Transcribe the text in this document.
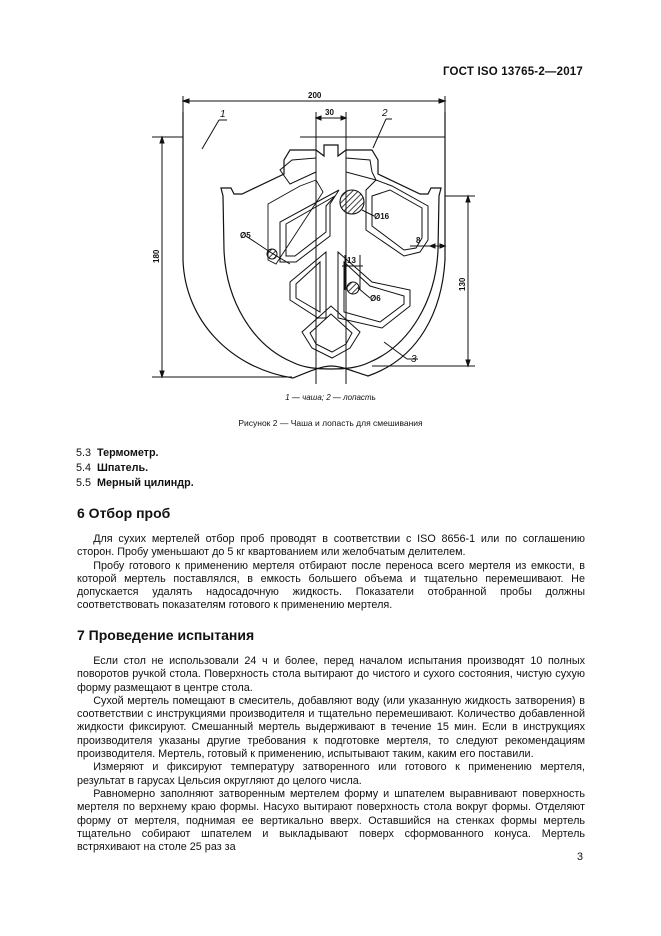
ГОСТ ISO 13765-2—2017
200
30
13
8
180
130
Ø16
Ø5
Ø6
1	2
3
1 — чаша; 2 — лопасть
Рисунок 2 — Чаша и лопасть для смешивания
5.3 Термометр.
5.4 Шпатель.
5.5 Мерный цилиндр.
6 Отбор проб

  Для сухих мертелей отбор проб проводят в соответствии с ISO 8656-1 или по соглашению сторон. Пробу уменьшают до 5 кг квартованием или желобчатым делителем.

  Пробу готового к применению мертеля отбирают после переноса всего мертеля из емкости, в которой мертель поставлялся, в емкость большего объема и тщательно перемешивают. Не допускается удалять надосадочную жидкость. Показатели отобранной пробы должны соответствовать показателям готового к применению мертеля.

7 Проведение испытания

  Если стол не использовали 24 ч и более, перед началом испытания производят 10 полных поворотов ручкой стола. Поверхность стола вытирают до чистого и сухого состояния, чистую сухую форму размещают в центре стола.

  Сухой мертель помещают в смеситель, добавляют воду (или указанную жидкость затворения) в соответствии с инструкциями производителя и тщательно перемешивают. Количество добавленной жидкости фиксируют. Смешанный мертель выдерживают в течение 15 мин. Если в инструкциях производителя указаны другие требования к подготовке мертеля, то следуют рекомендациям производителя. Мертель, готовый к применению, испытывают таким, каким его поставили.

  Измеряют и фиксируют температуру затворенного или готового к применению мертеля, результат в гарусах Цельсия округляют до целого числа.

  Равномерно заполняют затворенным мертелем форму и шпателем выравнивают поверхность мертеля по верхнему краю формы. Насухо вытирают поверхность стола вокруг формы. Отделяют форму от мертеля, поднимая ее вертикально вверх. Оставшийся на стенках формы мертель тщательно собирают шпателем и выкладывают поверх сформованного конуса. Мертель встряхивают на столе 25 раз за

3
